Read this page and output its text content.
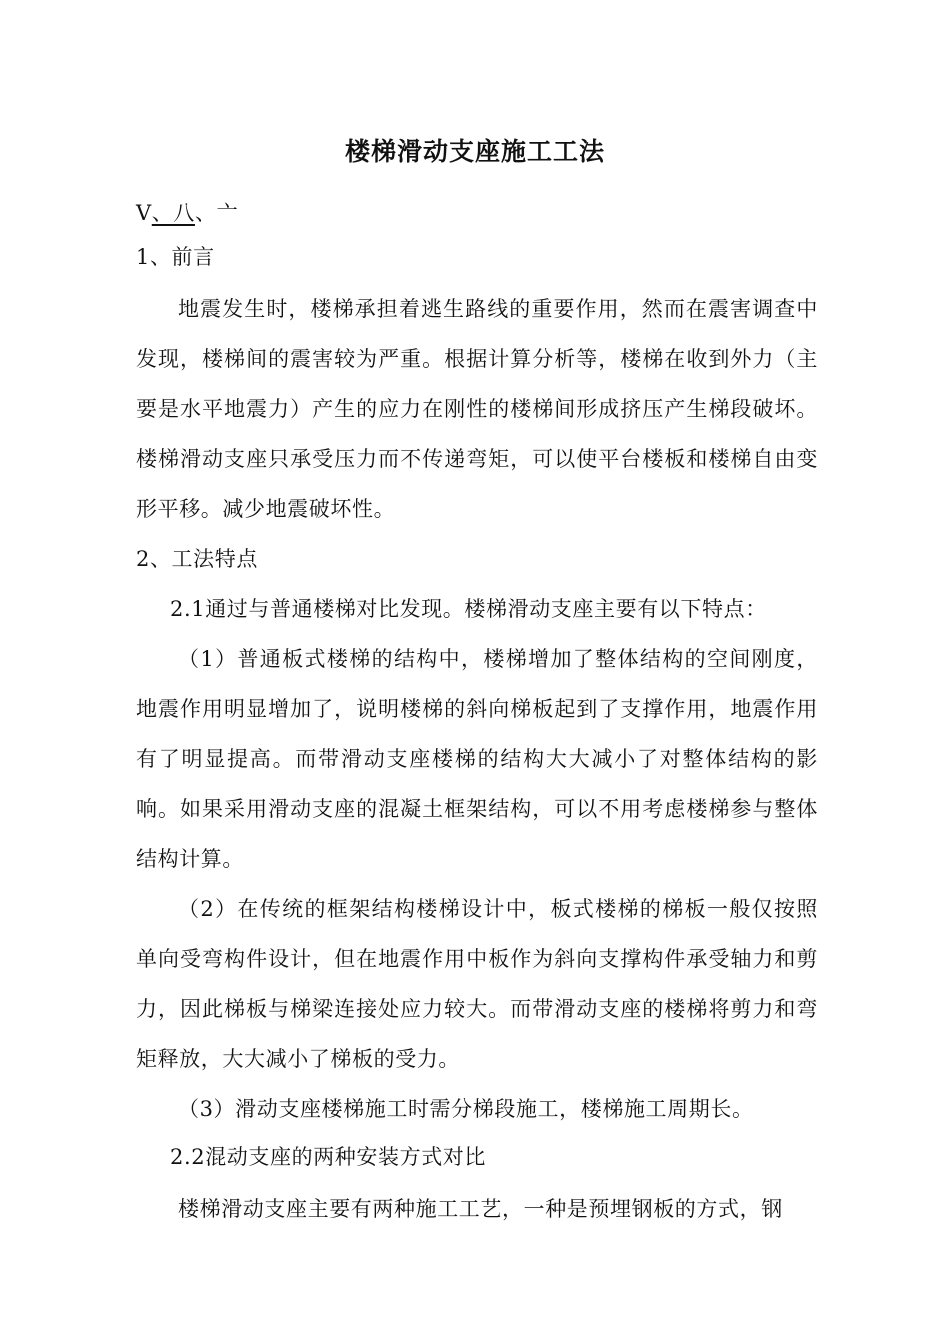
楼梯滑动支座施工工法
V、八、亠
1、前言

地震发生时，楼梯承担着逃生路线的重要作用，然而在震害调查中发现，楼梯间的震害较为严重。根据计算分析等，楼梯在收到外力（主要是水平地震力）产生的应力在刚性的楼梯间形成挤压产生梯段破坏。楼梯滑动支座只承受压力而不传递弯矩，可以使平台楼板和楼梯自由变形平移。减少地震破坏性。

2、工法特点
2.1通过与普通楼梯对比发现。楼梯滑动支座主要有以下特点：

（1）普通板式楼梯的结构中，楼梯增加了整体结构的空间刚度，地震作用明显增加了，说明楼梯的斜向梯板起到了支撑作用，地震作用有了明显提高。而带滑动支座楼梯的结构大大减小了对整体结构的影响。如果采用滑动支座的混凝土框架结构，可以不用考虑楼梯参与整体结构计算。

（2）在传统的框架结构楼梯设计中，板式楼梯的梯板一般仅按照单向受弯构件设计，但在地震作用中板作为斜向支撑构件承受轴力和剪力，因此梯板与梯梁连接处应力较大。而带滑动支座的楼梯将剪力和弯矩释放，大大减小了梯板的受力。

（3）滑动支座楼梯施工时需分梯段施工，楼梯施工周期长。

2.2混动支座的两种安装方式对比

楼梯滑动支座主要有两种施工工艺，一种是预埋钢板的方式，钢
